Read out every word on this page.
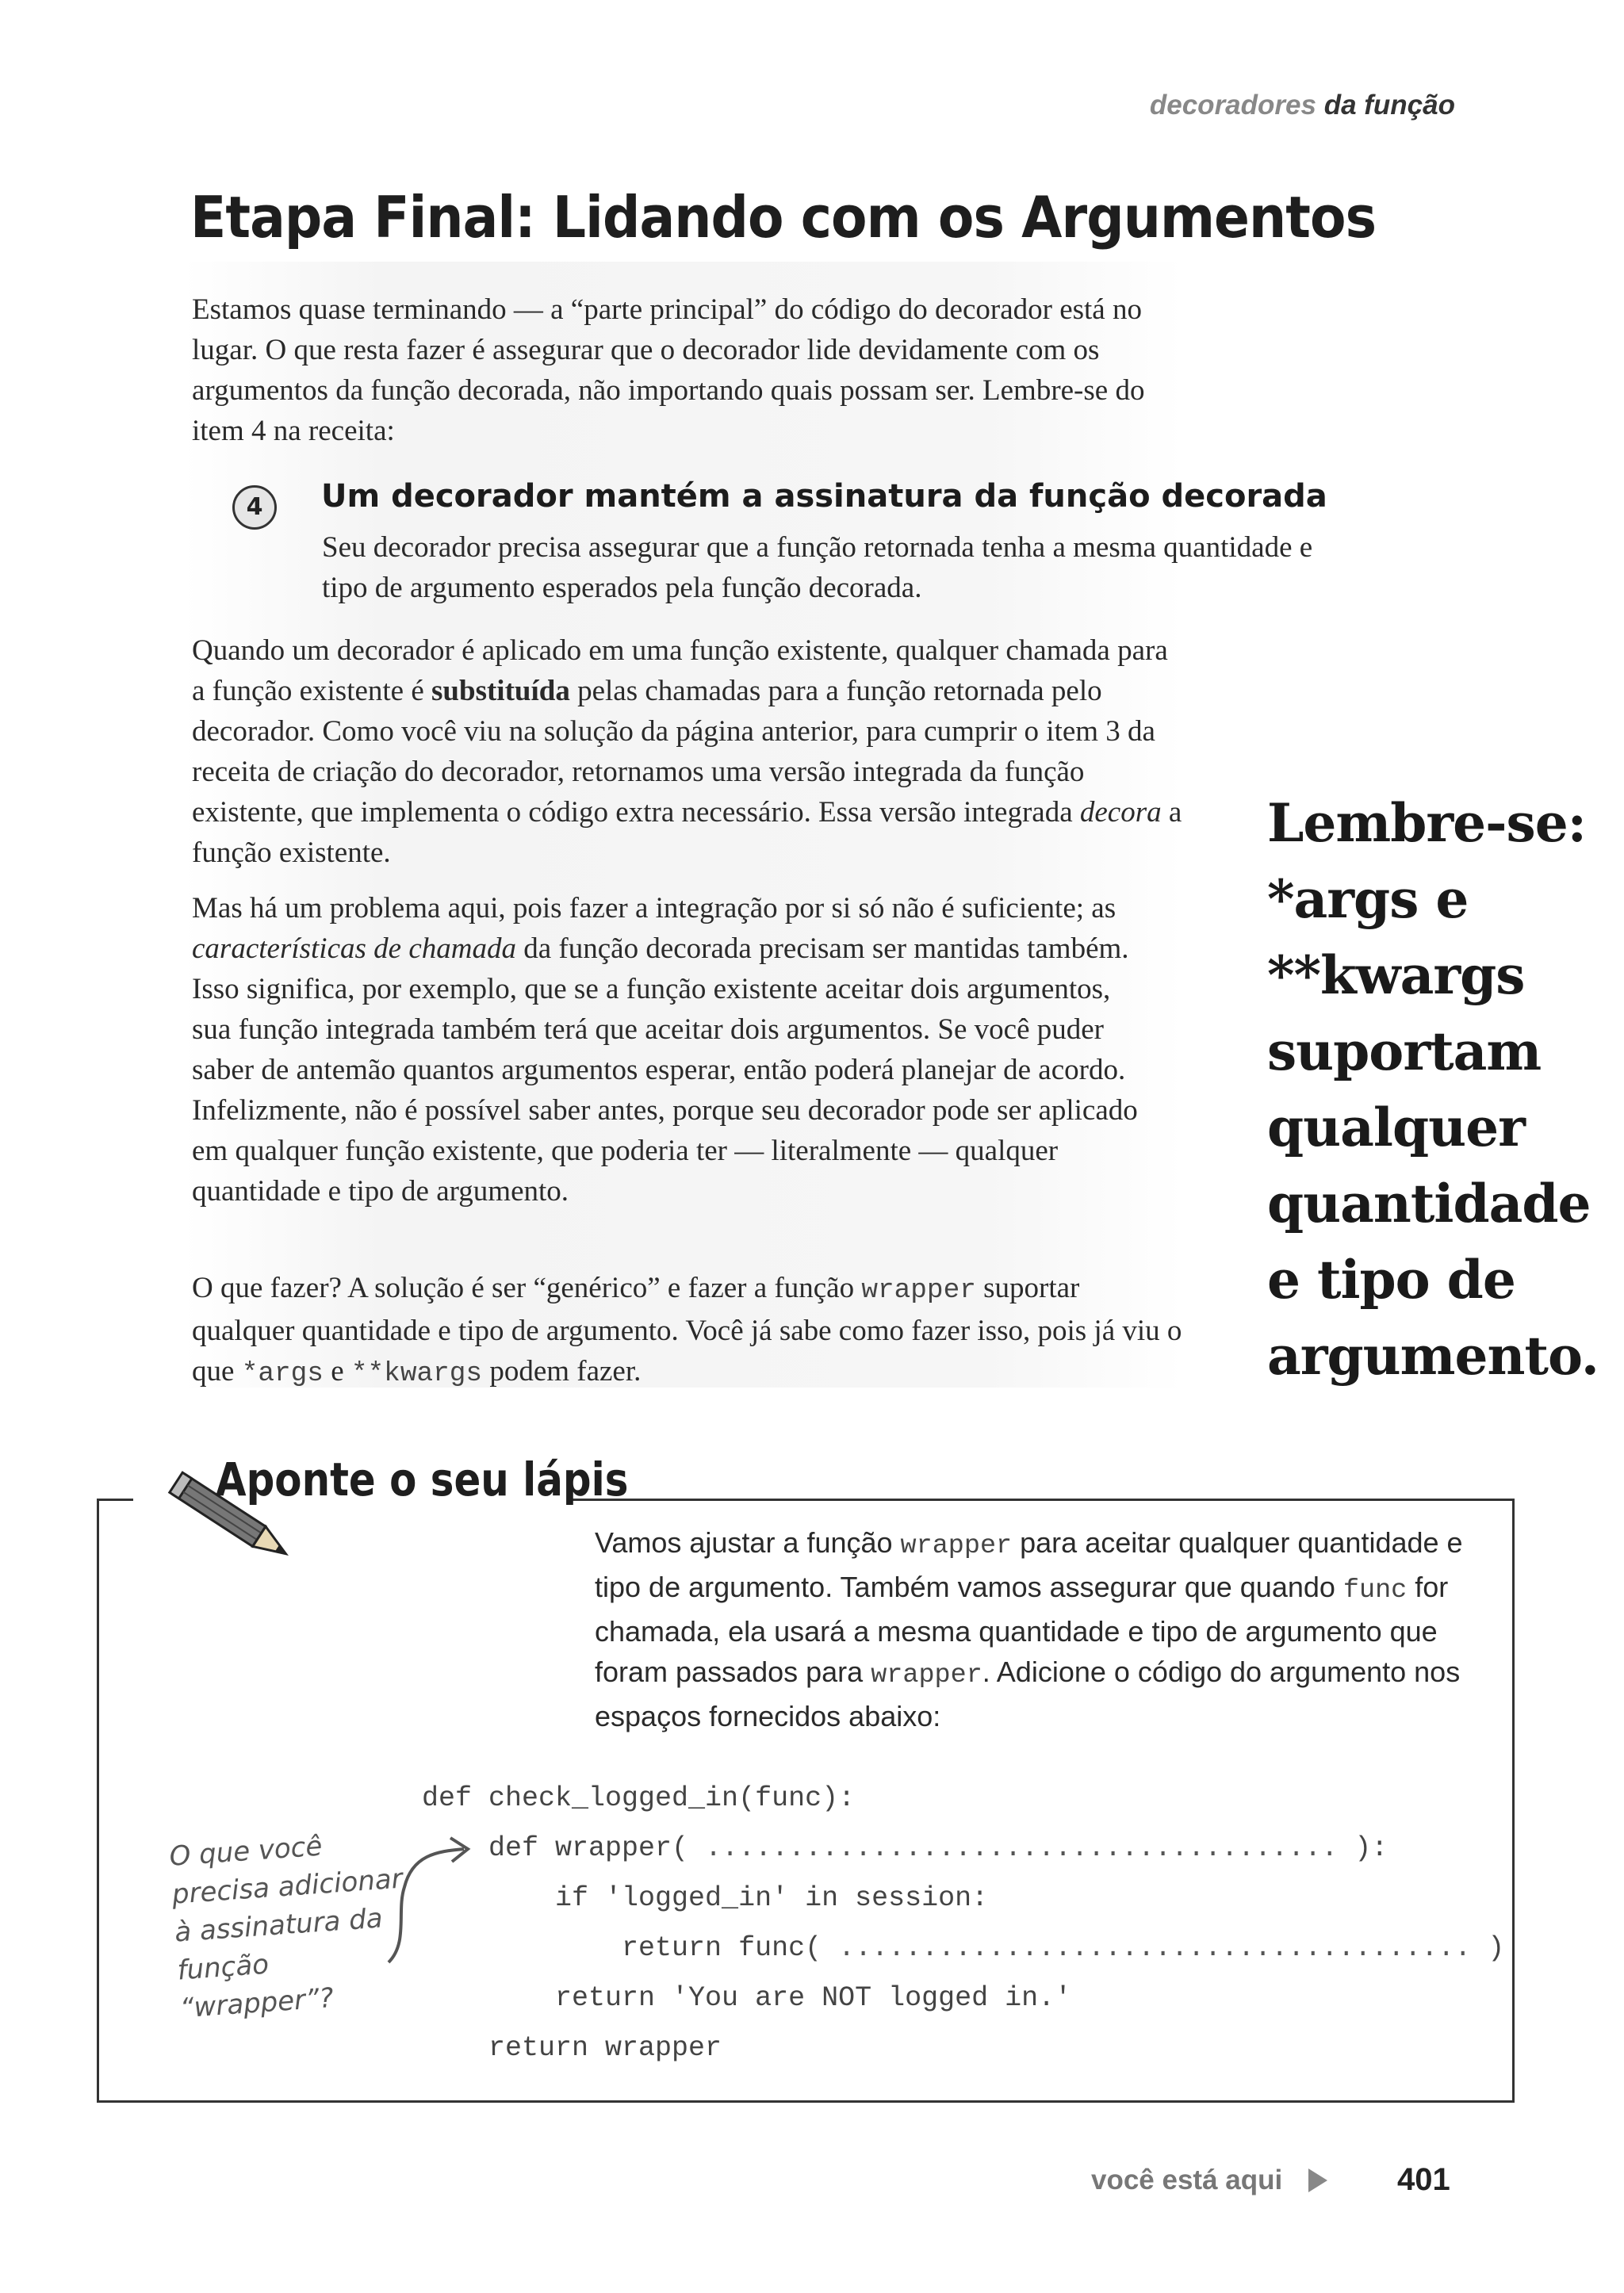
decoradores da função
Etapa Final: Lidando com os Argumentos
Estamos quase terminando — a “parte principal” do código do decorador está no lugar. O que resta fazer é assegurar que o decorador lide devidamente com os argumentos da função decorada, não importando quais possam ser. Lembre-se do item 4 na receita:
4	Um decorador mantém a assinatura da função decorada
Seu decorador precisa assegurar que a função retornada tenha a mesma quantidade e tipo de argumento esperados pela função decorada.
Quando um decorador é aplicado em uma função existente, qualquer chamada para a função existente é substituída pelas chamadas para a função retornada pelo decorador. Como você viu na solução da página anterior, para cumprir o item 3 da receita de criação do decorador, retornamos uma versão integrada da função existente, que implementa o código extra necessário. Essa versão integrada decora a função existente.
Mas há um problema aqui, pois fazer a integração por si só não é suficiente; as características de chamada da função decorada precisam ser mantidas também. Isso significa, por exemplo, que se a função existente aceitar dois argumentos, sua função integrada também terá que aceitar dois argumentos. Se você puder saber de antemão quantos argumentos esperar, então poderá planejar de acordo. Infelizmente, não é possível saber antes, porque seu decorador pode ser aplicado em qualquer função existente, que poderia ter — literalmente — qualquer quantidade e tipo de argumento.
O que fazer? A solução é ser “genérico” e fazer a função wrapper suportar qualquer quantidade e tipo de argumento. Você já sabe como fazer isso, pois já viu o que *args e **kwargs podem fazer.
Lembre-se: *args e **kwargs suportam qualquer quantidade e tipo de argumento.
Aponte o seu lápis
Vamos ajustar a função wrapper para aceitar qualquer quantidade e tipo de argumento. Também vamos assegurar que quando func for chamada, ela usará a mesma quantidade e tipo de argumento que foram passados para wrapper. Adicione o código do argumento nos espaços fornecidos abaixo:
def check_logged_in(func):
def wrapper( ...................................... ):
if 'logged_in' in session:
return func( ...................................... )
return 'You are NOT logged in.'
return wrapper
O que você precisa adicionar à assinatura da função “wrapper”?
você está aqui	401
